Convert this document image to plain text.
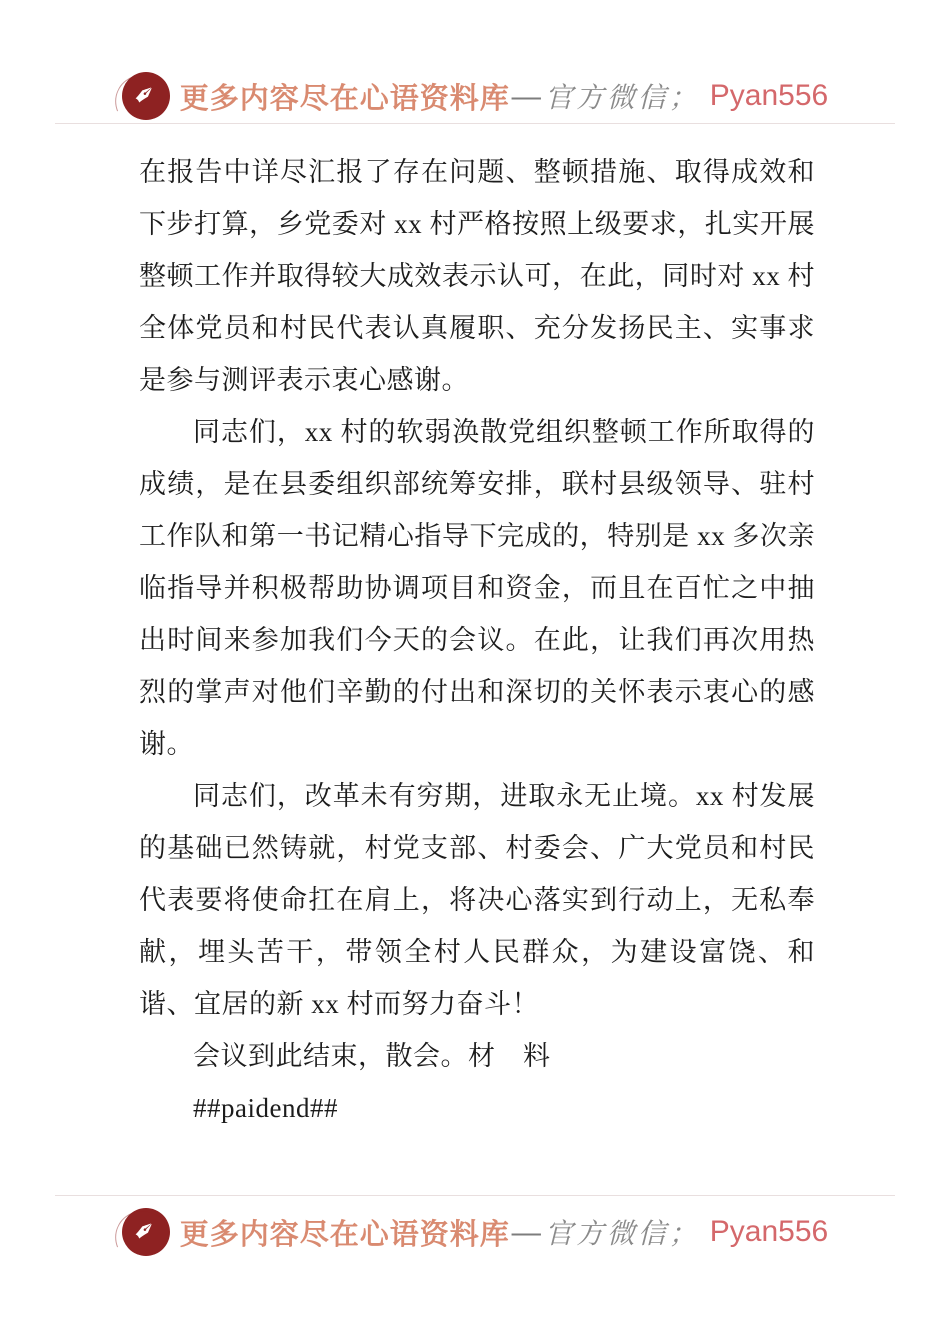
✒ 更多内容尽在心语资料库 — 官方微信； Pyan556

在报告中详尽汇报了存在问题、整顿措施、取得成效和下步打算，乡党委对 xx 村严格按照上级要求，扎实开展整顿工作并取得较大成效表示认可，在此，同时对 xx 村全体党员和村民代表认真履职、充分发扬民主、实事求是参与测评表示衷心感谢。

同志们，xx 村的软弱涣散党组织整顿工作所取得的成绩，是在县委组织部统筹安排，联村县级领导、驻村工作队和第一书记精心指导下完成的，特别是 xx 多次亲临指导并积极帮助协调项目和资金，而且在百忙之中抽出时间来参加我们今天的会议。在此，让我们再次用热烈的掌声对他们辛勤的付出和深切的关怀表示衷心的感谢。

同志们，改革未有穷期，进取永无止境。xx 村发展的基础已然铸就，村党支部、村委会、广大党员和村民代表要将使命扛在肩上，将决心落实到行动上，无私奉献，埋头苦干，带领全村人民群众，为建设富饶、和谐、宜居的新 xx 村而努力奋斗！

会议到此结束，散会。材　料

##paidend##

✒ 更多内容尽在心语资料库 — 官方微信； Pyan556
